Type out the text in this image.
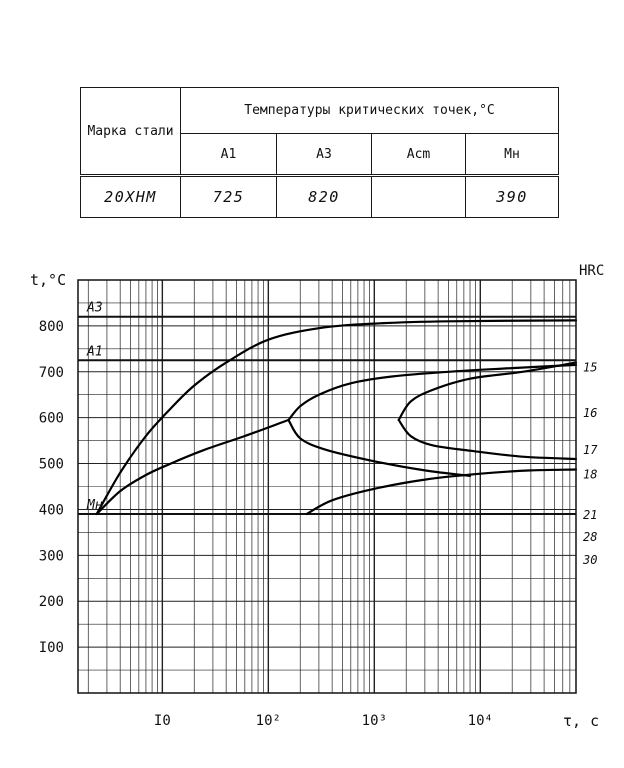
Марка стали	Температуры критических точек,°С			
	A1	A3	Acm	Mн
20ХНМ	725	820		390
I00
200
300
400
500
600
700
800
I0	10²	10³	10⁴
15
16
17
18
21
28
30
A3
A1
Mн
t,°C	HRC
τ, c
